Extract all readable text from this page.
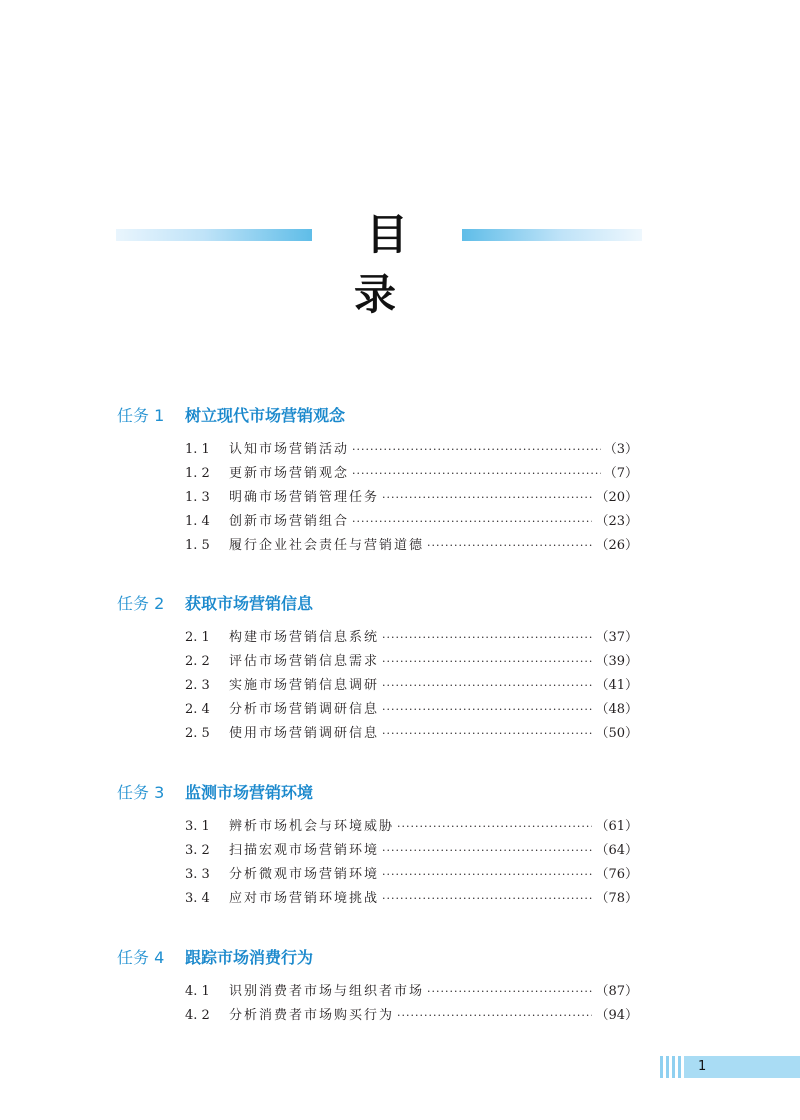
目录
任务 1 树立现代市场营销观念
1. 1	认知市场营销活动 ·····	（3）
1. 2	更新市场营销观念 ·····	（7）
1. 3	明确市场营销管理任务 ·····	（20）
1. 4	创新市场营销组合 ·····	（23）
1. 5	履行企业社会责任与营销道德 ·····	（26）
任务 2 获取市场营销信息
2. 1	构建市场营销信息系统 ·····	（37）
2. 2	评估市场营销信息需求 ·····	（39）
2. 3	实施市场营销信息调研 ·····	（41）
2. 4	分析市场营销调研信息 ·····	（48）
2. 5	使用市场营销调研信息 ·····	（50）
任务 3 监测市场营销环境
3. 1	辨析市场机会与环境威胁 ·····	（61）
3. 2	扫描宏观市场营销环境 ·····	（64）
3. 3	分析微观市场营销环境 ·····	（76）
3. 4	应对市场营销环境挑战 ·····	（78）
任务 4 跟踪市场消费行为
4. 1	识别消费者市场与组织者市场 ·····	（87）
4. 2	分析消费者市场购买行为 ·····	（94）
1
